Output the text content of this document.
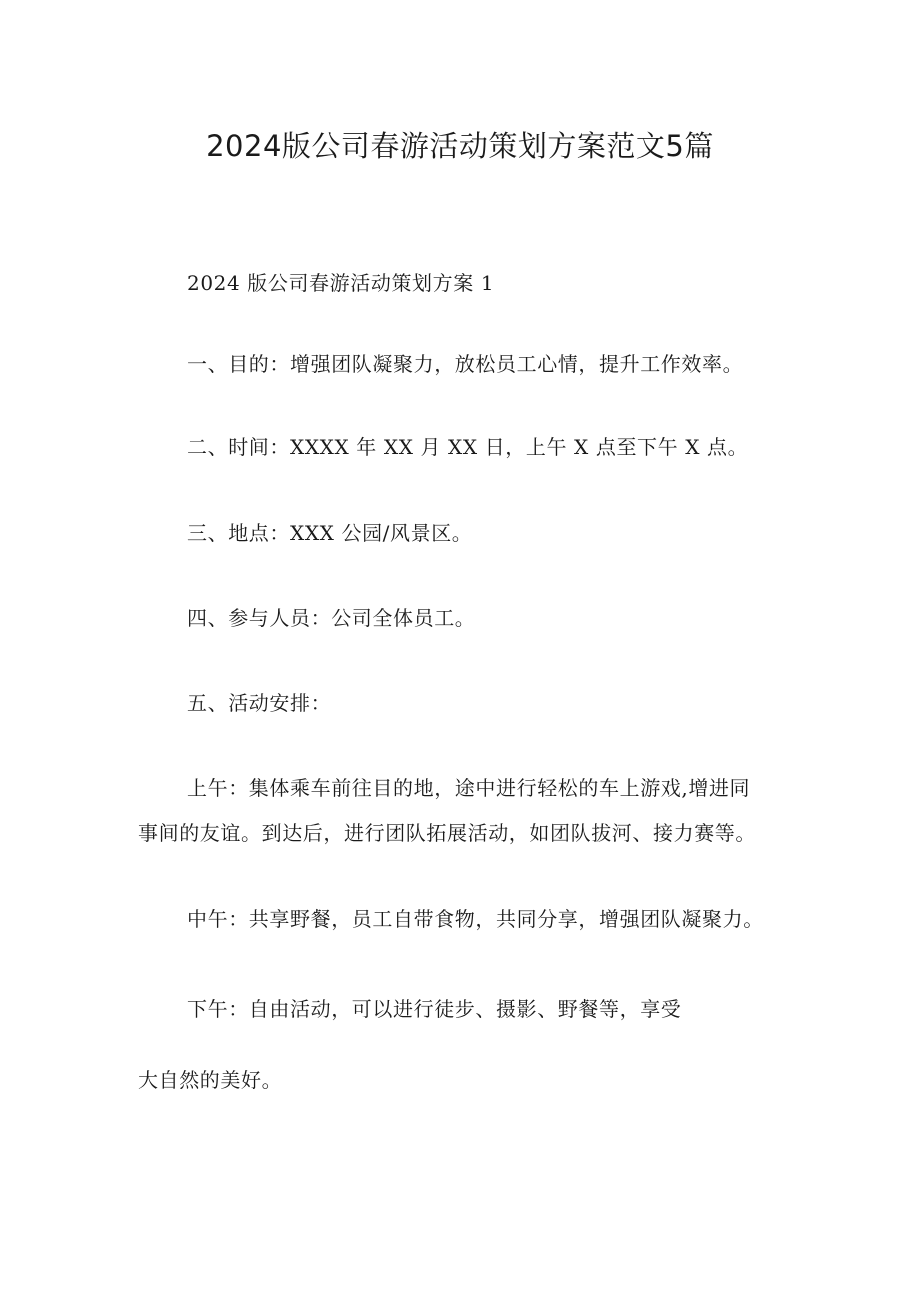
2024版公司春游活动策划方案范文5篇

2024 版公司春游活动策划方案 1

一、目的：增强团队凝聚力，放松员工心情，提升工作效率。

二、时间：XXXX 年 XX 月 XX 日，上午 X 点至下午 X 点。

三、地点：XXX 公园/风景区。

四、参与人员：公司全体员工。

五、活动安排：

上午：集体乘车前往目的地，途中进行轻松的车上游戏,增进同

事间的友谊。到达后，进行团队拓展活动，如团队拔河、接力赛等。

中午：共享野餐，员工自带食物，共同分享，增强团队凝聚力。

下午：自由活动，可以进行徒步、摄影、野餐等，享受

大自然的美好。
